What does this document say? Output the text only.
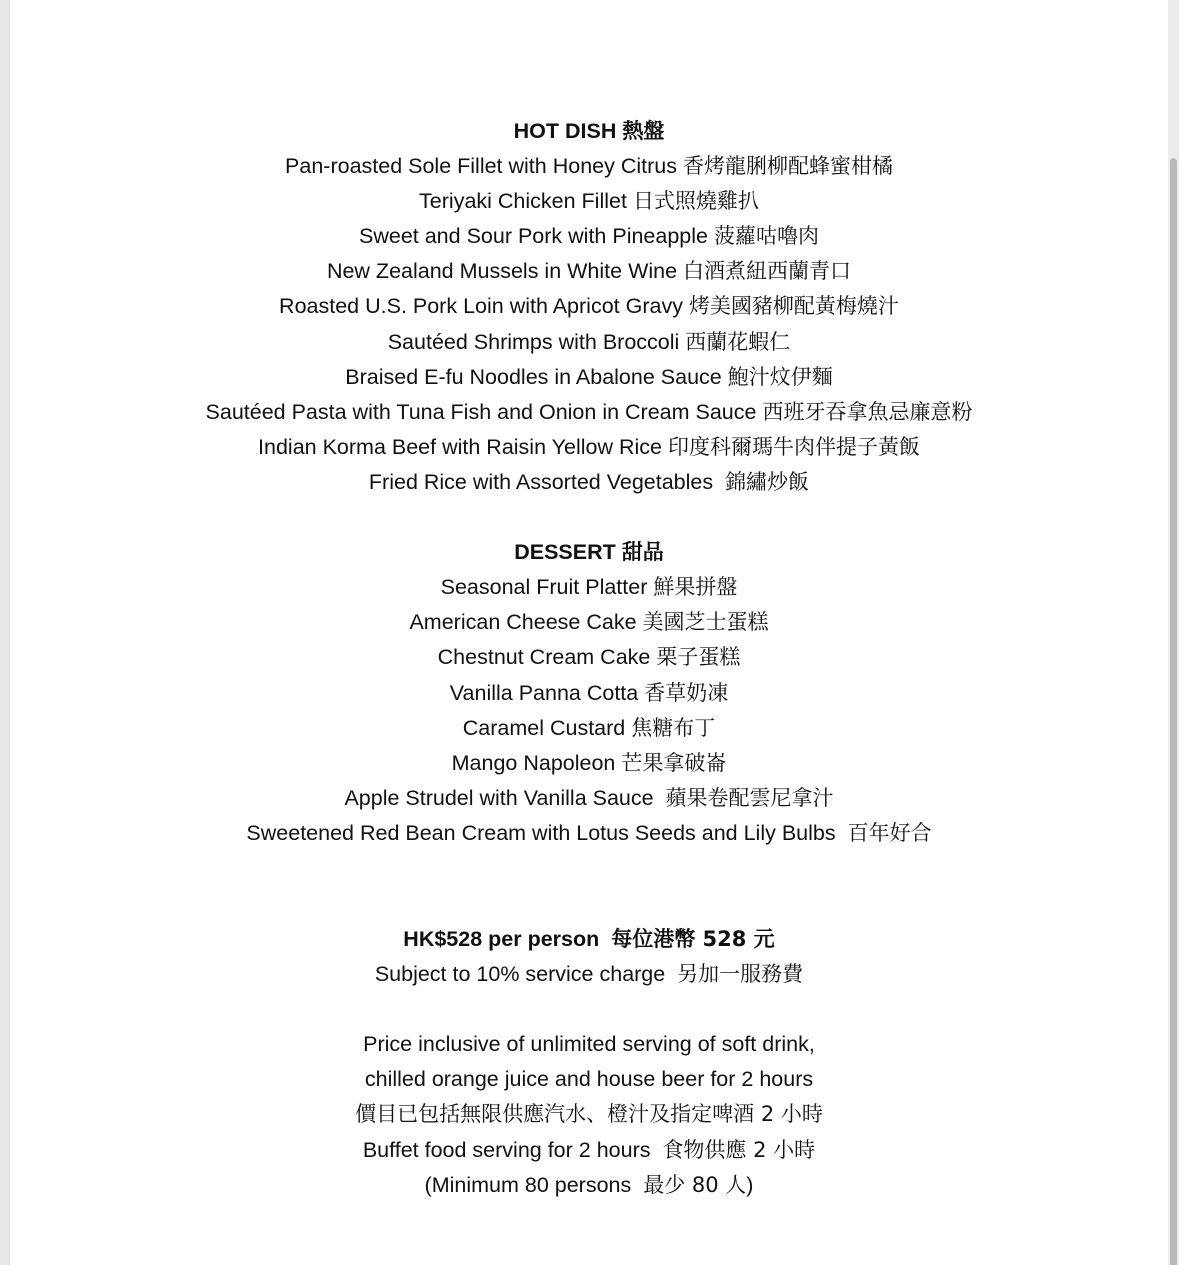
HOT DISH 熱盤
Pan-roasted Sole Fillet with Honey Citrus 香烤龍脷柳配蜂蜜柑橘
Teriyaki Chicken Fillet 日式照燒雞扒
Sweet and Sour Pork with Pineapple 菠蘿咕嚕肉
New Zealand Mussels in White Wine 白酒煮紐西蘭青口
Roasted U.S. Pork Loin with Apricot Gravy 烤美國豬柳配黃梅燒汁
Sautéed Shrimps with Broccoli 西蘭花蝦仁
Braised E-fu Noodles in Abalone Sauce 鮑汁炆伊麵
Sautéed Pasta with Tuna Fish and Onion in Cream Sauce 西班牙吞拿魚忌廉意粉
Indian Korma Beef with Raisin Yellow Rice 印度科爾瑪牛肉伴提子黃飯
Fried Rice with Assorted Vegetables 錦繡炒飯
DESSERT 甜品
Seasonal Fruit Platter 鮮果拼盤
American Cheese Cake 美國芝士蛋糕
Chestnut Cream Cake 栗子蛋糕
Vanilla Panna Cotta 香草奶凍
Caramel Custard 焦糖布丁
Mango Napoleon 芒果拿破崙
Apple Strudel with Vanilla Sauce 蘋果卷配雲尼拿汁
Sweetened Red Bean Cream with Lotus Seeds and Lily Bulbs 百年好合
HK$528 per person 每位港幣 528 元
Subject to 10% service charge 另加一服務費
Price inclusive of unlimited serving of soft drink,
chilled orange juice and house beer for 2 hours
價目已包括無限供應汽水、橙汁及指定啤酒 2 小時
Buffet food serving for 2 hours 食物供應 2 小時
(Minimum 80 persons 最少 80 人)
